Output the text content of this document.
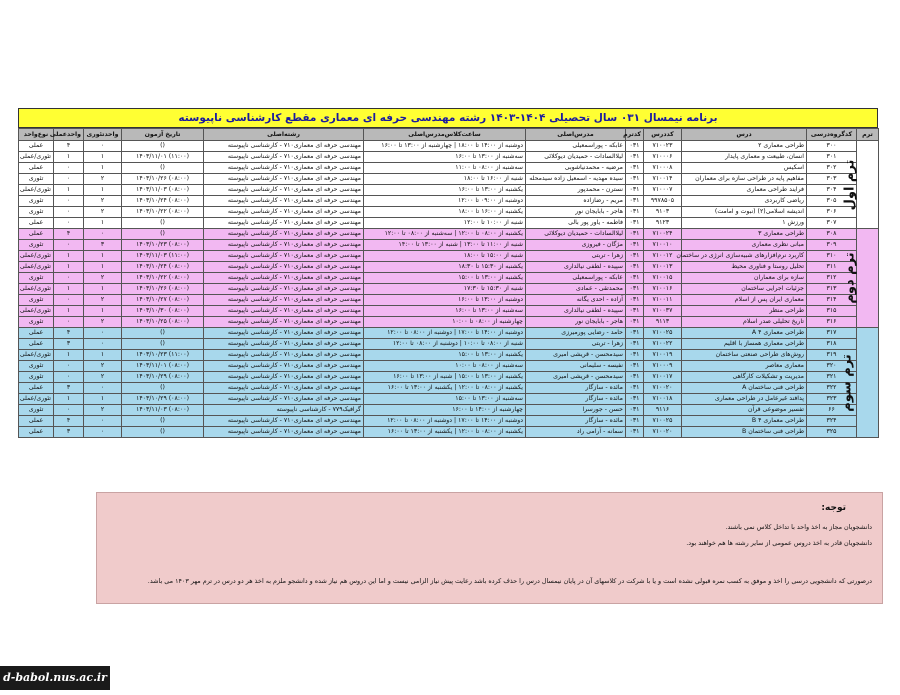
برنامه نیمسال ۰۳۱ سال تحصیلی ۱۴۰۴-۱۴۰۳ رشته مهندسی حرفه ای معماری مقطع کارشناسی ناپیوسته
ترم	کدگروه‌درسی	درس	کددرس	کدترم	مدرس‌اصلی	ساعت‌کلاس‌مدرس‌اصلی	رشته‌اصلی	تاریخ آزمون	واحدتئوری	واحدعملی	نوع‌واحد
ترم اول	۳۰۰	طراحی معماری ۲	۷۱۰۰۲۳	۰۳۱	عابکه - پوراسمعیلی	دوشنبه از ۱۴:۰۰ تا ۱۸:۰۰ | چهارشنبه از ۱۳:۰۰ تا ۱۶:۰۰	مهندسی حرفه ای معماری۷۱۰ - کارشناسی ناپیوسته	()	۰	۴	عملی
	۳۰۱	انسان، طبیعت و معماری پایدار	۷۱۰۰۰۶	۰۳۱	لیلاالسادات - حمیدیان دیوکلائی	سه‌شنبه از ۱۳:۰۰ تا ۱۶:۰۰	مهندسی حرفه ای معماری۷۱۰ - کارشناسی ناپیوسته	(۱۱:۰۰) ۱۴۰۳/۱۱/۰۱	۱	۱	تئوری/عملی
	۳۰۲	اسکیس	۷۱۰۰۰۸	۰۳۱	مرضیه - محمدنیاشوبی	سه‌شنبه از ۰۸:۰۰ تا ۱۱:۰۰	مهندسی حرفه ای معماری۷۱۰ - کارشناسی ناپیوسته	()	۱	۰	عملی
	۳۰۳	مفاهیم پایه در طراحی سازه برای معماران	۷۱۰۰۱۴	۰۳۱	سیده مهدیه - اسمعیل زاده سیدمحله	شنبه از ۱۶:۰۰ تا ۱۸:۰۰	مهندسی حرفه ای معماری۷۱۰ - کارشناسی ناپیوسته	(۰۸:۰۰) ۱۴۰۳/۱۰/۲۶	۲	۰	تئوری
	۳۰۴	فرایند طراحی معماری	۷۱۰۰۰۷	۰۳۱	نسترن - محمدپور	یکشنبه از ۱۳:۰۰ تا ۱۶:۰۰	مهندسی حرفه ای معماری۷۱۰ - کارشناسی ناپیوسته	(۰۸:۰۰) ۱۴۰۳/۱۱/۰۳	۱	۱	تئوری/عملی
	۳۰۵	ریاضی کاربردی	۹۹۷۸۵۰۵	۰۳۱	مریم - رضازاده	دوشنبه از ۰۹:۰۰ تا ۱۲:۰۰	مهندسی حرفه ای معماری۷۱۰ - کارشناسی ناپیوسته	(۰۸:۰۰) ۱۴۰۳/۱۰/۲۴	۲	۰	تئوری
	۳۰۶	اندیشه اسلامی(۲) (نبوت و امامت)	۹۱۰۳	۰۳۱	هاجر - بابایجان نور	یکشنبه از ۱۶:۰۰ تا ۱۸:۰۰	مهندسی حرفه ای معماری۷۱۰ - کارشناسی ناپیوسته	(۰۸:۰۰) ۱۴۰۳/۱۰/۲۲	۲	۰	تئوری
	۳۰۷	ورزش ۱	۹۱۲۳	۰۳۱	فاطمه - یاور پور بالی	شنبه از ۱۰:۰۰ تا ۱۲:۰۰	مهندسی حرفه ای معماری۷۱۰ - کارشناسی ناپیوسته	()	۱	۰	عملی
ترم دوم	۳۰۸	طراحی معماری ۳	۷۱۰۰۲۴	۰۳۱	لیلاالسادات - حمیدیان دیوکلائی	یکشنبه از ۰۸:۰۰ تا ۱۲:۰۰ | سه‌شنبه از ۰۸:۰۰ تا ۱۲:۰۰	مهندسی حرفه ای معماری۷۱۰ - کارشناسی ناپیوسته	()	۰	۴	عملی
	۳۰۹	مبانی نظری معماری	۷۱۰۰۱۰	۰۳۱	مژگان - فیروزی	شنبه از ۱۱:۰۰ تا ۱۳:۰۰ | شنبه از ۱۳:۰۰ تا ۱۴:۰۰	مهندسی حرفه ای معماری۷۱۰ - کارشناسی ناپیوسته	(۰۸:۰۰) ۱۴۰۳/۱۰/۲۳	۳	۰	تئوری
	۳۱۰	کاربرد نرم‌افزارهای شبیه‌سازی انرژی در ساختمان	۷۱۰۰۱۲	۰۳۱	زهرا - تربتی	شنبه از ۱۵:۰۰ تا ۱۸:۰۰	مهندسی حرفه ای معماری۷۱۰ - کارشناسی ناپیوسته	(۱۱:۰۰) ۱۴۰۳/۱۱/۰۳	۱	۱	تئوری/عملی
	۳۱۱	تحلیل روستا و فناوری محیط	۷۱۰۰۱۳	۰۳۱	سپیده - لطفی نیالداری	یکشنبه از ۱۵:۳۰ تا ۱۸:۳۰	مهندسی حرفه ای معماری۷۱۰ - کارشناسی ناپیوسته	(۰۸:۰۰) ۱۴۰۳/۱۰/۲۴	۱	۱	تئوری/عملی
	۳۱۲	سازه برای معماران	۷۱۰۰۱۵	۰۳۱	عابکه - پوراسمعیلی	یکشنبه از ۱۳:۰۰ تا ۱۵:۰۰	مهندسی حرفه ای معماری۷۱۰ - کارشناسی ناپیوسته	(۰۸:۰۰) ۱۴۰۳/۱۰/۲۲	۲	۰	تئوری
	۳۱۳	جزئیات اجرایی ساختمان	۷۱۰۰۱۶	۰۳۱	محمدتقی - عمادی	شنبه از ۱۵:۳۰ تا ۱۷:۳۰	مهندسی حرفه ای معماری۷۱۰ - کارشناسی ناپیوسته	(۰۸:۰۰) ۱۴۰۳/۱۰/۲۶	۱	۱	تئوری/عملی
	۳۱۴	معماری ایران پس از اسلام	۷۱۰۰۱۱	۰۳۱	آزاده - احدی یگانه	دوشنبه از ۱۳:۰۰ تا ۱۶:۰۰	مهندسی حرفه ای معماری۷۱۰ - کارشناسی ناپیوسته	(۰۸:۰۰) ۱۴۰۳/۱۰/۲۷	۲	۰	تئوری
	۳۱۵	طراحی منظر	۷۱۰۰۳۷	۰۳۱	سپیده - لطفی نیالداری	سه‌شنبه از ۱۳:۰۰ تا ۱۶:۰۰	مهندسی حرفه ای معماری۷۱۰ - کارشناسی ناپیوسته	(۰۸:۰۰) ۱۴۰۳/۱۰/۳۰	۱	۱	تئوری/عملی
	۳۱۶	تاریخ تحلیلی صدر اسلام	۹۱۱۳	۰۳۱	هاجر - بابایجان نور	چهارشنبه از ۰۸:۰۰ تا ۱۰:۰۰	مهندسی حرفه ای معماری۷۱۰ - کارشناسی ناپیوسته	(۰۸:۰۰) ۱۴۰۳/۱۰/۲۵	۲	۰	تئوری
ترم سوم	۳۱۷	طراحی معماری ۴ A	۷۱۰۰۲۵	۰۳۱	حامد - رضایی پورمیرزی	دوشنبه از ۱۴:۰۰ تا ۱۷:۰۰ | دوشنبه از ۰۸:۰۰ تا ۱۲:۰۰	مهندسی حرفه ای معماری۷۱۰ - کارشناسی ناپیوسته	()	۰	۴	عملی
	۳۱۸	طراحی معماری همساز با اقلیم	۷۱۰۰۲۲	۰۳۱	زهرا - تربتی	شنبه از ۰۸:۰۰ تا ۱۰:۰۰ | دوشنبه از ۰۸:۰۰ تا ۱۲:۰۰	مهندسی حرفه ای معماری۷۱۰ - کارشناسی ناپیوسته	()	۰	۳	عملی
	۳۱۹	روش‌های طراحی صنعتی ساختمان	۷۱۰۰۱۹	۰۳۱	سیدمحسن - قریشی امیری	یکشنبه از ۱۳:۰۰ تا ۱۵:۰۰	مهندسی حرفه ای معماری۷۱۰ - کارشناسی ناپیوسته	(۱۱:۰۰) ۱۴۰۳/۱۰/۲۳	۱	۱	تئوری/عملی
	۳۲۰	معماری معاصر	۷۱۰۰۰۹	۰۳۱	نفیسه - سلیمانی	سه‌شنبه از ۰۸:۰۰ تا ۱۰:۰۰	مهندسی حرفه ای معماری۷۱۰ - کارشناسی ناپیوسته	(۰۸:۰۰) ۱۴۰۳/۱۱/۰۱	۲	۰	تئوری
	۳۲۱	مدیریت و تشکیلات کارگاهی	۷۱۰۰۱۷	۰۳۱	سیدمحسن - قریشی امیری	یکشنبه از ۱۳:۰۰ تا ۱۵:۰۰ | شنبه از ۱۳:۰۰ تا ۱۶:۰۰	مهندسی حرفه ای معماری۷۱۰ - کارشناسی ناپیوسته	(۰۸:۰۰) ۱۴۰۳/۱۰/۲۹	۲	۰	تئوری
	۳۲۲	طراحی فنی ساختمان A	۷۱۰۰۲۰	۰۳۱	مائده - سازگار	یکشنبه از ۰۸:۰۰ تا ۱۲:۰۰ | یکشنبه از ۱۳:۰۰ تا ۱۶:۰۰	مهندسی حرفه ای معماری۷۱۰ - کارشناسی ناپیوسته	()	۰	۳	عملی
	۳۲۳	پدافند غیرعامل در طراحی معماری	۷۱۰۰۱۸	۰۳۱	مائده - سازگار	سه‌شنبه از ۱۳:۰۰ تا ۱۵:۰۰	مهندسی حرفه ای معماری۷۱۰ - کارشناسی ناپیوسته	(۰۸:۰۰) ۱۴۰۳/۱۰/۲۹	۱	۱	تئوری/عملی
	۶۶	تفسیر موضوعی قرآن	۹۱۱۶	۰۳۱	حسن - جورسرا	چهارشنبه از ۱۴:۰۰ تا ۱۶:۰۰	گرافیک۷۷۹ - کارشناسی ناپیوسته	(۰۸:۰۰) ۱۴۰۳/۱۱/۰۳	۲	۰	تئوری
	۳۲۴	طراحی معماری ۴ B	۷۱۰۰۲۵	۰۳۱	مائده - سازگار	دوشنبه از ۱۴:۰۰ تا ۱۷:۰۰ | دوشنبه از ۰۸:۰۰ تا ۱۲:۰۰	مهندسی حرفه ای معماری۷۱۰ - کارشناسی ناپیوسته	()	۰	۴	عملی
	۳۲۵	طراحی فنی ساختمان B	۷۱۰۰۲۰	۰۳۱	سمانه - آرامی راد	یکشنبه از ۰۸:۰۰ تا ۱۲:۰۰ | یکشنبه از ۱۳:۰۰ تا ۱۶:۰۰	مهندسی حرفه ای معماری۷۱۰ - کارشناسی ناپیوسته	()	۰	۳	عملی
توجه:
دانشجویان مجاز به اخذ واحد با تداخل کلاس نمی باشند.
دانشجویان قادر به اخذ دروس عمومی از سایر رشته ها هم خواهند بود.
درصورتی که دانشجویی درسی را اخذ و موفق به کسب نمره قبولی نشده است و یا با شرکت در کلاسهای آن در پایان نیمسال درس را حذف کرده باشد رعایت پیش نیاز الزامی نیست و اما این دروس هم نیاز شده و دانشجو ملزم به اخذ هر دو درس در ترم مهر ۱۴۰۳ می باشد.
d-babol.nus.ac.ir
